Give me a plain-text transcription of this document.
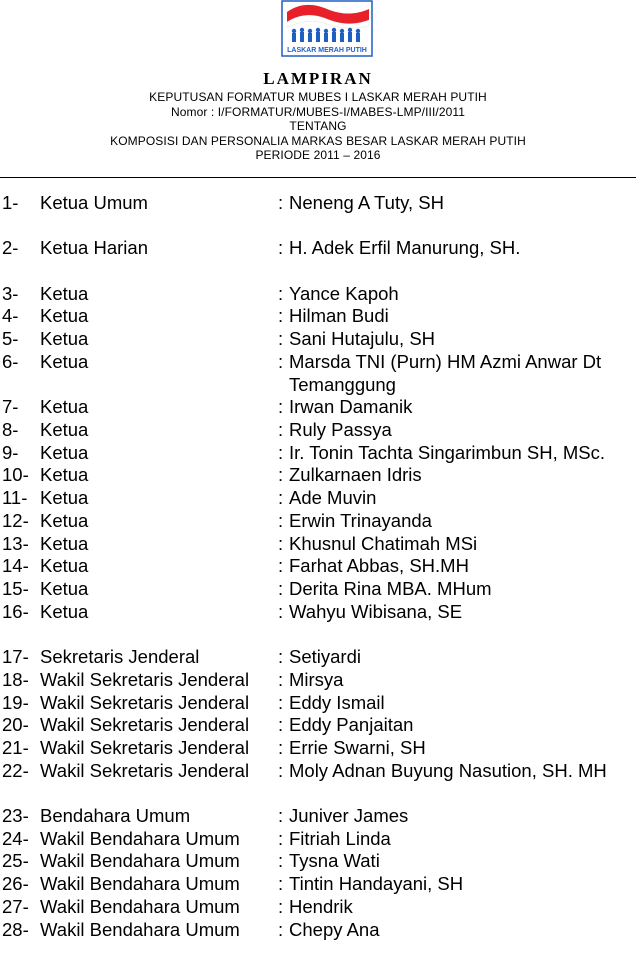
LASKAR MERAH PUTIH
LAMPIRAN
KEPUTUSAN FORMATUR MUBES I LASKAR MERAH PUTIH
Nomor : I/FORMATUR/MUBES-I/MABES-LMP/III/2011
TENTANG
KOMPOSISI DAN PERSONALIA MARKAS BESAR LASKAR MERAH PUTIH
PERIODE 2011 – 2016
1- Ketua Umum	: Neneng A Tuty, SH
2- Ketua Harian	: H. Adek Erfil Manurung, SH.
3- Ketua	: Yance Kapoh
4- Ketua	: Hilman Budi
5- Ketua	: Sani Hutajulu, SH
6- Ketua	: Marsda TNI (Purn) HM Azmi Anwar Dt
Temanggung
7- Ketua	: Irwan Damanik
8- Ketua	: Ruly Passya
9- Ketua	: Ir. Tonin Tachta Singarimbun SH, MSc.
10- Ketua	: Zulkarnaen Idris
11- Ketua	: Ade Muvin
12- Ketua	: Erwin Trinayanda
13- Ketua	: Khusnul Chatimah MSi
14- Ketua	: Farhat Abbas, SH.MH
15- Ketua	: Derita Rina MBA. MHum
16- Ketua	: Wahyu Wibisana, SE
17- Sekretaris Jenderal	: Setiyardi
18- Wakil Sekretaris Jenderal : Mirsya
19- Wakil Sekretaris Jenderal : Eddy Ismail
20- Wakil Sekretaris Jenderal : Eddy Panjaitan
21- Wakil Sekretaris Jenderal : Errie Swarni, SH
22- Wakil Sekretaris Jenderal : Moly Adnan Buyung Nasution, SH. MH
23- Bendahara Umum	: Juniver James
24- Wakil Bendahara Umum : Fitriah Linda
25- Wakil Bendahara Umum : Tysna Wati
26- Wakil Bendahara Umum : Tintin Handayani, SH
27- Wakil Bendahara Umum : Hendrik
28- Wakil Bendahara Umum : Chepy Ana
